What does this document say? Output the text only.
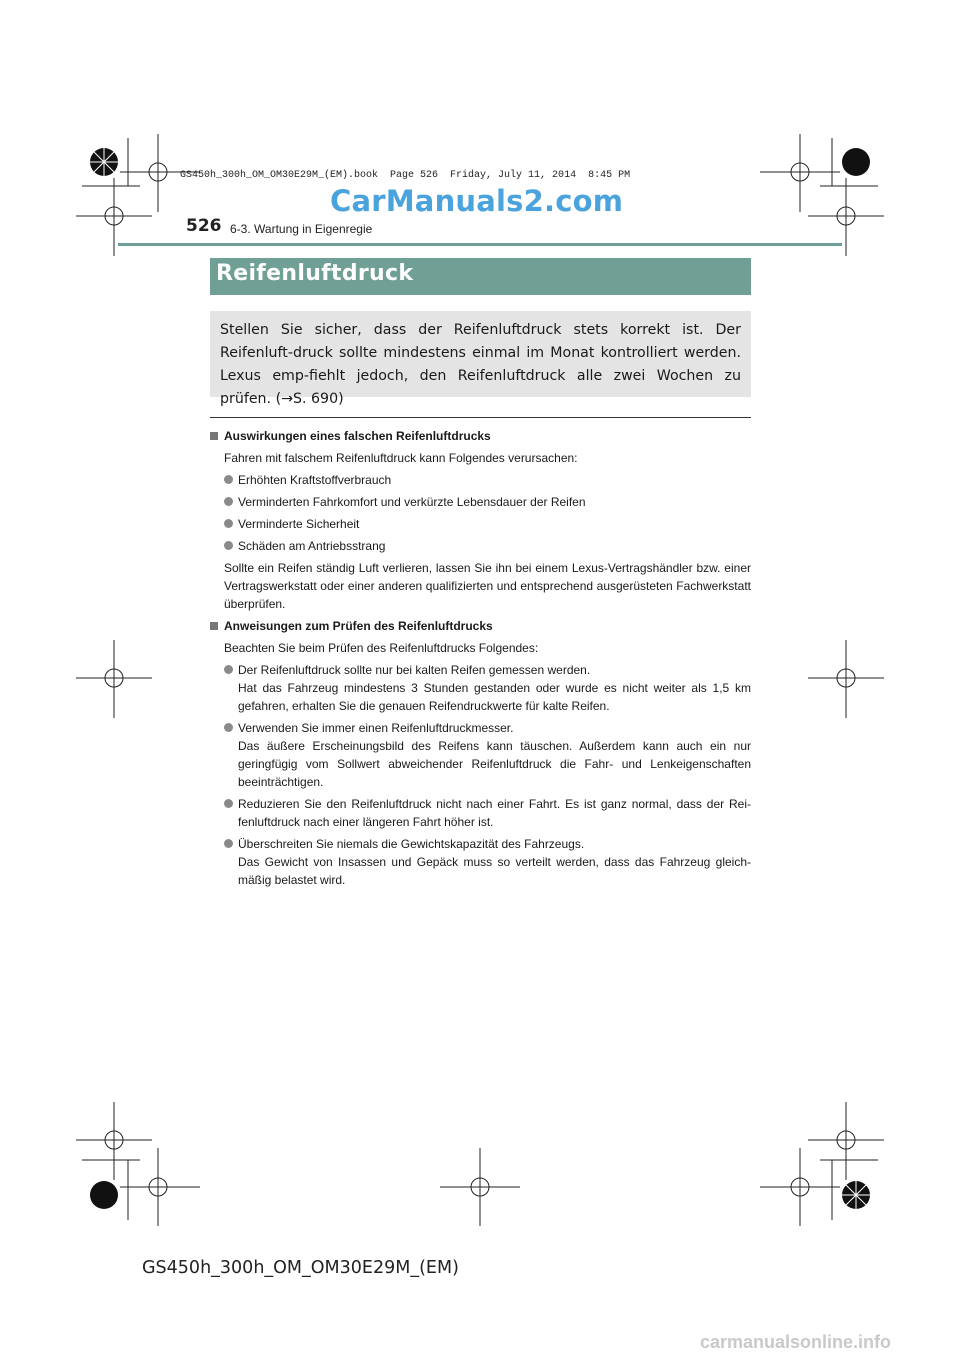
GS450h_300h_OM_OM30E29M_(EM).book  Page 526  Friday, July 11, 2014  8:45 PM
CarManuals2.com
526 6-3. Wartung in Eigenregie
Reifenluftdruck

Stellen Sie sicher, dass der Reifenluftdruck stets korrekt ist. Der Reifenluft-druck sollte mindestens einmal im Monat kontrolliert werden. Lexus emp-fiehlt jedoch, den Reifenluftdruck alle zwei Wochen zu prüfen. (→S. 690)

Auswirkungen eines falschen Reifenluftdrucks

Fahren mit falschem Reifenluftdruck kann Folgendes verursachen:

Erhöhten Kraftstoffverbrauch
Verminderten Fahrkomfort und verkürzte Lebensdauer der Reifen
Verminderte Sicherheit
Schäden am Antriebsstrang

Sollte ein Reifen ständig Luft verlieren, lassen Sie ihn bei einem Lexus-Vertragshändler bzw. einer Vertragswerkstatt oder einer anderen qualifizierten und entsprechend ausgerüsteten Fachwerkstatt überprüfen.

Anweisungen zum Prüfen des Reifenluftdrucks

Beachten Sie beim Prüfen des Reifenluftdrucks Folgendes:

Der Reifenluftdruck sollte nur bei kalten Reifen gemessen werden.
Hat das Fahrzeug mindestens 3 Stunden gestanden oder wurde es nicht weiter als 1,5 km gefahren, erhalten Sie die genauen Reifendruckwerte für kalte Reifen.
Verwenden Sie immer einen Reifenluftdruckmesser.
Das äußere Erscheinungsbild des Reifens kann täuschen. Außerdem kann auch ein nur geringfügig vom Sollwert abweichender Reifenluftdruck die Fahr- und Lenkeigenschaften beeinträchtigen.
Reduzieren Sie den Reifenluftdruck nicht nach einer Fahrt. Es ist ganz normal, dass der Rei-fenluftdruck nach einer längeren Fahrt höher ist.
Überschreiten Sie niemals die Gewichtskapazität des Fahrzeugs.
Das Gewicht von Insassen und Gepäck muss so verteilt werden, dass das Fahrzeug gleich-mäßig belastet wird.
GS450h_300h_OM_OM30E29M_(EM)
carmanualsonline.info
